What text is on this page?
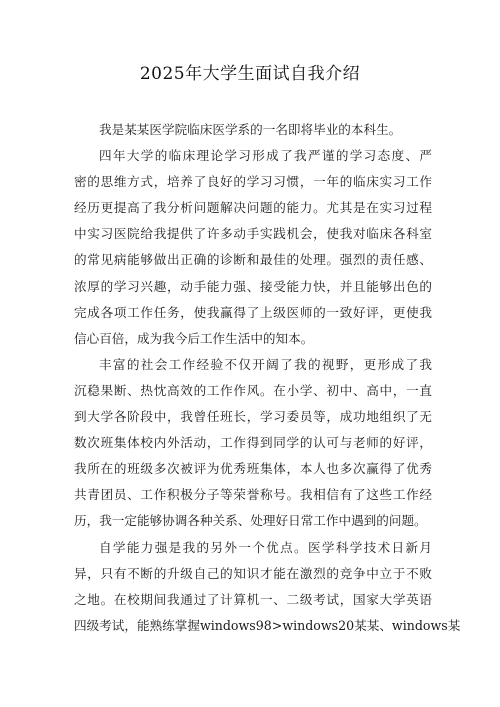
2025年大学生面试自我介绍
我是某某医学院临床医学系的一名即将毕业的本科生。
四年大学的临床理论学习形成了我严谨的学习态度、严
密的思维方式，培养了良好的学习习惯，一年的临床实习工作
经历更提高了我分析问题解决问题的能力。尤其是在实习过程
中实习医院给我提供了许多动手实践机会，使我对临床各科室
的常见病能够做出正确的诊断和最佳的处理。强烈的责任感、
浓厚的学习兴趣，动手能力强、接受能力快，并且能够出色的
完成各项工作任务，使我赢得了上级医师的一致好评，更使我
信心百倍，成为我今后工作生活中的知本。
丰富的社会工作经验不仅开阔了我的视野，更形成了我
沉稳果断、热忱高效的工作作风。在小学、初中、高中，一直
到大学各阶段中，我曾任班长，学习委员等，成功地组织了无
数次班集体校内外活动，工作得到同学的认可与老师的好评，
我所在的班级多次被评为优秀班集体，本人也多次赢得了优秀
共青团员、工作积极分子等荣誉称号。我相信有了这些工作经
历，我一定能够协调各种关系、处理好日常工作中遇到的问题。
自学能力强是我的另外一个优点。医学科学技术日新月
异，只有不断的升级自己的知识才能在激烈的竞争中立于不败
之地。在校期间我通过了计算机一、二级考试，国家大学英语
四级考试，能熟练掌握windows98>windows20某某、windows某
